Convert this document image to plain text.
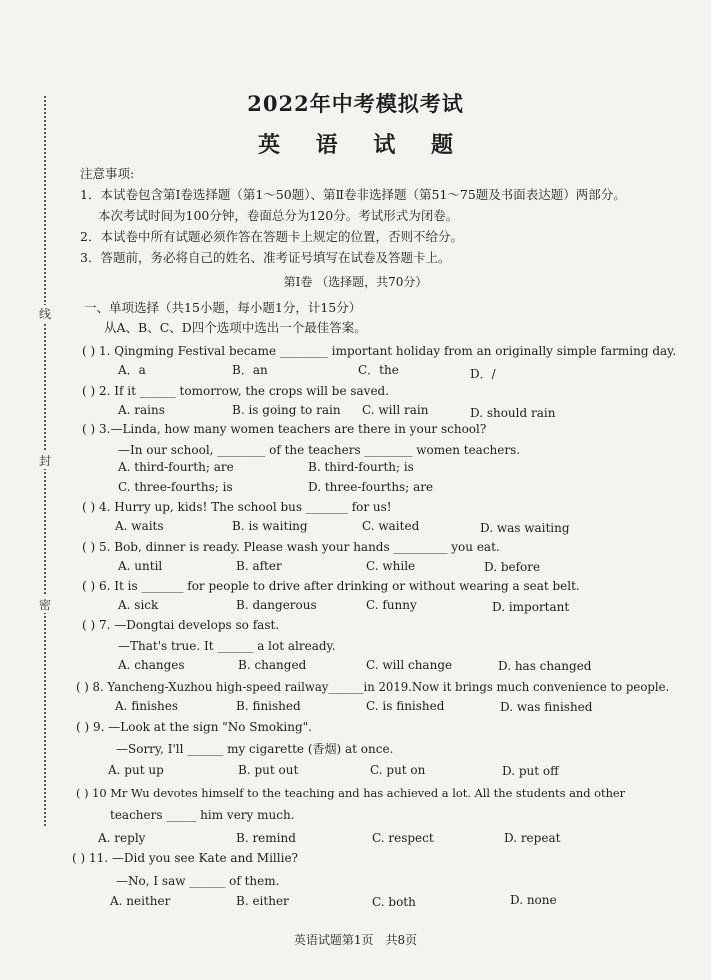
线
封
密
2022年中考模拟考试
英 语 试 题
注意事项:
1．本试卷包含第Ⅰ卷选择题（第1～50题）、第Ⅱ卷非选择题（第51～75题及书面表达题）两部分。
本次考试时间为100分钟，卷面总分为120分。考试形式为闭卷。
2．本试卷中所有试题必须作答在答题卡上规定的位置，否则不给分。
3．答题前，务必将自己的姓名、准考证号填写在试卷及答题卡上。
第Ⅰ卷 （选择题，共70分）
一、单项选择（共15小题，每小题1分，计15分）
从A、B、C、D四个选项中选出一个最佳答案。
( ) 1. Qingming Festival became ________ important holiday from an originally simple farming day.
A．a	B．an	C．the	D．/
( ) 2. If it ______ tomorrow, the crops will be saved.
A. rains	B. is going to rain C. will rain	D. should rain
( ) 3.—Linda, how many women teachers are there in your school?
—In our school, ________ of the teachers ________ women teachers.
A. third-fourth; are	B. third-fourth; is
C. three-fourths; is	D. three-fourths; are
( ) 4. Hurry up, kids! The school bus _______ for us!
A. waits	B. is waiting	C. waited	D. was waiting
( ) 5. Bob, dinner is ready. Please wash your hands _________ you eat.
A. until	B. after	C. while	D. before
( ) 6. It is _______ for people to drive after drinking or without wearing a seat belt.
A. sick	B. dangerous	C. funny	D. important
( ) 7. —Dongtai develops so fast.
—That's true. It ______ a lot already.
A. changes	B. changed	C. will change	D. has changed
( ) 8. Yancheng-Xuzhou high-speed railway______in 2019.Now it brings much convenience to people.
A. finishes	B. finished	C. is finished	D. was finished
( ) 9. —Look at the sign "No Smoking".
—Sorry, I'll ______ my cigarette (香烟) at once.
A. put up	B. put out	C. put on	D. put off
( ) 10 Mr Wu devotes himself to the teaching and has achieved a lot. All the students and other
teachers _____ him very much.
A. reply	B. remind	C. respect	D. repeat
( ) 11. —Did you see Kate and Millie?
—No, I saw ______ of them.
A. neither	B. either	C. both	D. none
英语试题第1页　共8页
